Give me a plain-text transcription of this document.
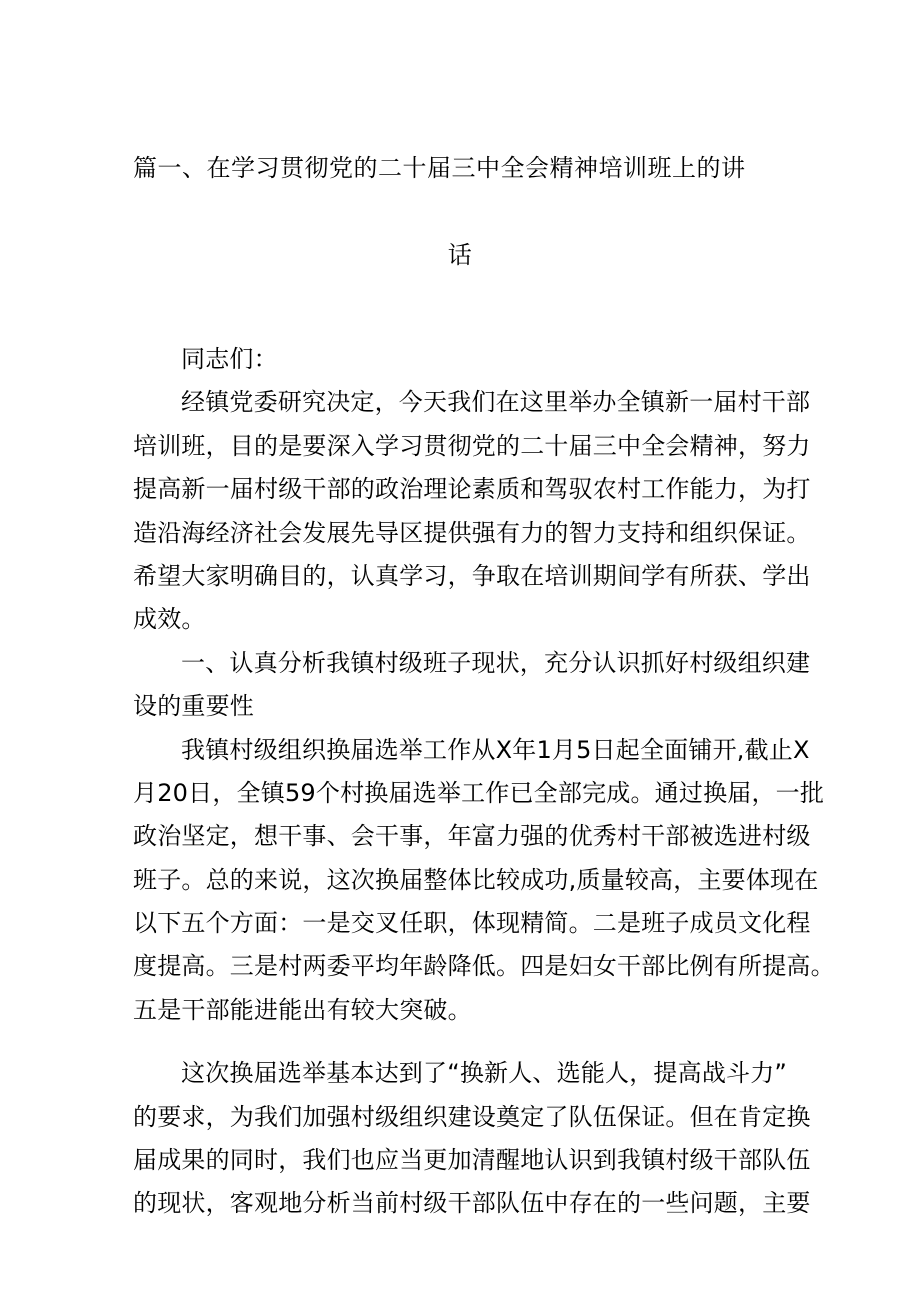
篇一、在学习贯彻党的二十届三中全会精神培训班上的讲
话
同志们：
经镇党委研究决定，今天我们在这里举办全镇新一届村干部
培训班，目的是要深入学习贯彻党的二十届三中全会精神，努力
提高新一届村级干部的政治理论素质和驾驭农村工作能力，为打
造沿海经济社会发展先导区提供强有力的智力支持和组织保证。
希望大家明确目的，认真学习，争取在培训期间学有所获、学出
成效。
一、认真分析我镇村级班子现状，充分认识抓好村级组织建
设的重要性
我镇村级组织换届选举工作从X年1月5日起全面铺开,截止X
月20日，全镇59个村换届选举工作已全部完成。通过换届，一批
政治坚定，想干事、会干事，年富力强的优秀村干部被选进村级
班子。总的来说，这次换届整体比较成功,质量较高，主要体现在
以下五个方面：一是交叉任职，体现精简。二是班子成员文化程
度提高。三是村两委平均年龄降低。四是妇女干部比例有所提高。
五是干部能进能出有较大突破。
这次换届选举基本达到了“换新人、选能人，提高战斗力”
的要求，为我们加强村级组织建设奠定了队伍保证。但在肯定换
届成果的同时，我们也应当更加清醒地认识到我镇村级干部队伍
的现状，客观地分析当前村级干部队伍中存在的一些问题，主要
